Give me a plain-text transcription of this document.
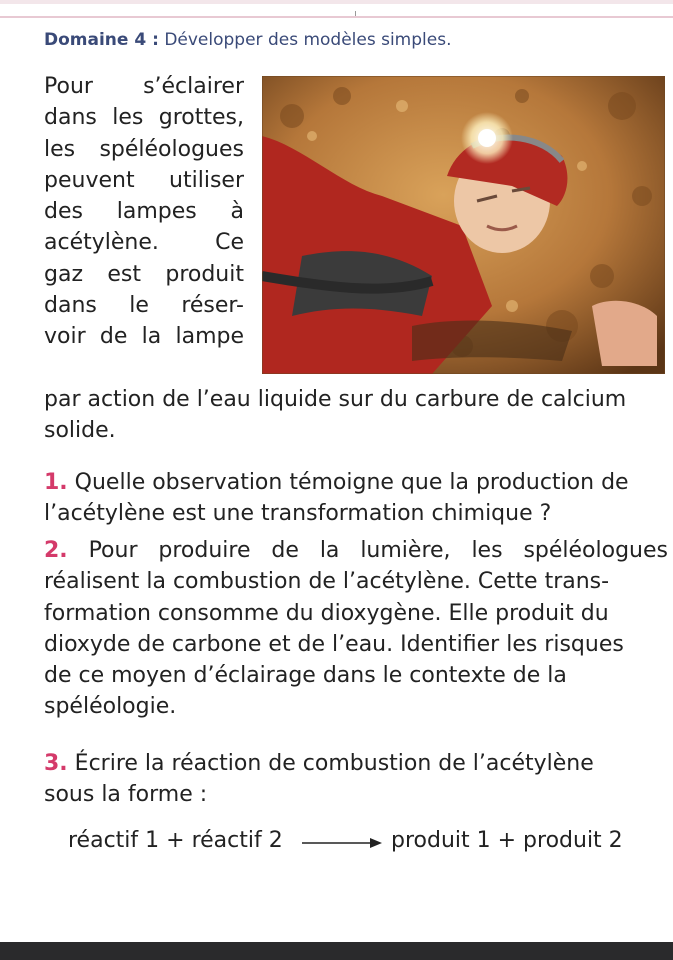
Domaine 4 : Développer des modèles simples.
Pour s’éclairer
dans les grottes,
les spéléologues
peuvent utiliser
des lampes à
acétylène. Ce
gaz est produit
dans le réser-
voir de la lampe
par action de l’eau liquide sur du carbure de calcium
solide.
1. Quelle observation témoigne que la production de
l’acétylène est une transformation chimique ?
2. Pour produire de la lumière, les spéléologues
réalisent la combustion de l’acétylène. Cette trans-
formation consomme du dioxygène. Elle produit du
dioxyde de carbone et de l’eau. Identifier les risques
de ce moyen d’éclairage dans le contexte de la
spéléologie.
3. Écrire la réaction de combustion de l’acétylène
sous la forme :
réactif 1 + réactif 2 → produit 1 + produit 2
